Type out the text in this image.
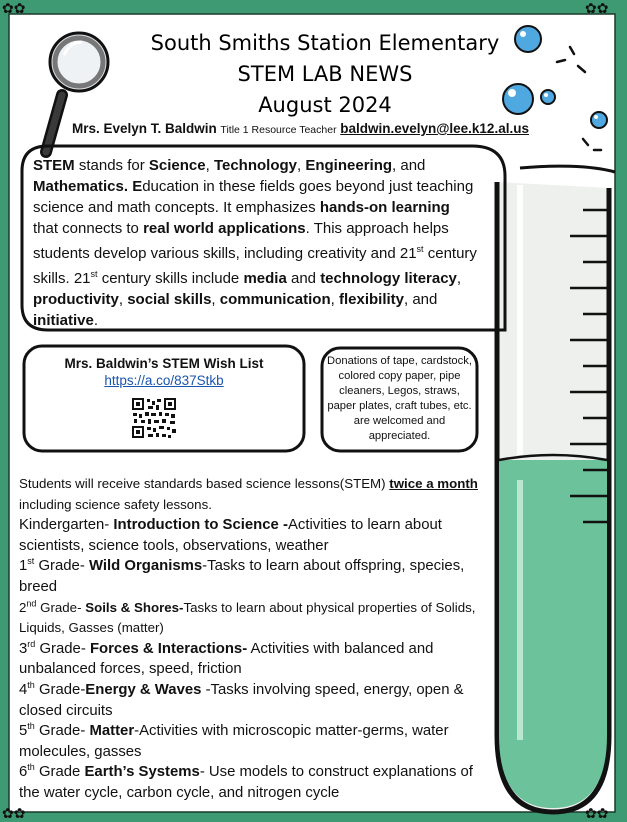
✿✿	✿✿
✿✿	✿✿
South Smiths Station Elementary
STEM LAB NEWS
August 2024
Mrs. Evelyn T. Baldwin Title 1 Resource Teacher baldwin.evelyn@lee.k12.al.us

STEM stands for Science, Technology, Engineering, and Mathematics. Education in these fields goes beyond just teaching science and math concepts. It emphasizes hands-on learning that connects to real world applications. This approach helps students develop various skills, including creativity and 21st century skills. 21st century skills include media and technology literacy, productivity, social skills, communication, flexibility, and initiative.

Mrs. Baldwin’s STEM Wish List
https://a.co/837Stkb
Donations of tape, cardstock, colored copy paper, pipe cleaners, Legos, straws, paper plates, craft tubes, etc. are welcomed and appreciated.

Students will receive standards based science lessons(STEM) twice a month including science safety lessons.

Kindergarten- Introduction to Science -Activities to learn about scientists, science tools, observations, weather

1st Grade- Wild Organisms-Tasks to learn about offspring, species, breed

2nd Grade- Soils & Shores-Tasks to learn about physical properties of Solids, Liquids, Gasses (matter)

3rd Grade- Forces & Interactions- Activities with balanced and unbalanced forces, speed, friction

4th Grade-Energy & Waves -Tasks involving speed, energy, open & closed circuits

5th Grade- Matter-Activities with microscopic matter-germs, water molecules, gasses

6th Grade Earth’s Systems- Use models to construct explanations of the water cycle, carbon cycle, and nitrogen cycle
